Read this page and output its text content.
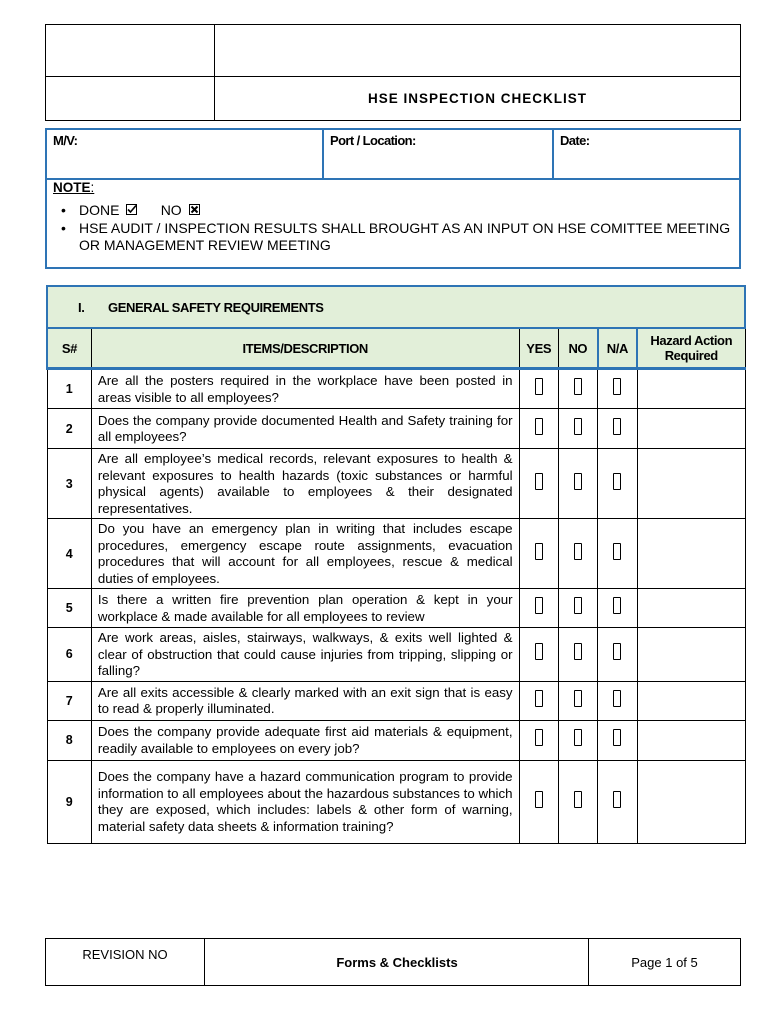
HSE INSPECTION CHECKLIST
M/V:	Port / Location:	Date:
NOTE:
• DONE	NO
• HSE AUDIT / INSPECTION RESULTS SHALL BROUGHT AS AN INPUT ON HSE COMITTEE MEETING OR MANAGEMENT REVIEW MEETING
I. GENERAL SAFETY REQUIREMENTS					
S#	ITEMS/DESCRIPTION	YES	NO	N/A	Hazard Action Required
1	Are all the posters required in the workplace have been posted in areas visible to all employees?				
2	Does the company provide documented Health and Safety training for all employees?				
3	Are all employee’s medical records, relevant exposures to health & relevant exposures to health hazards (toxic substances or harmful physical agents) available to employees & their designated representatives.				
4	Do you have an emergency plan in writing that includes escape procedures, emergency escape route assignments, evacuation procedures that will account for all employees, rescue & medical duties of employees.				
5	Is there a written fire prevention plan operation & kept in your workplace & made available for all employees to review				
6	Are work areas, aisles, stairways, walkways, & exits well lighted & clear of obstruction that could cause injuries from tripping, slipping or falling?				
7	Are all exits accessible & clearly marked with an exit sign that is easy to read & properly illuminated.				
8	Does the company provide adequate first aid materials & equipment, readily available to employees on every job?				
9	Does the company have a hazard communication program to provide information to all employees about the hazardous substances to which they are exposed, which includes: labels & other form of warning, material safety data sheets & information training?				
REVISION NO	Forms & Checklists	Page 1 of 5
